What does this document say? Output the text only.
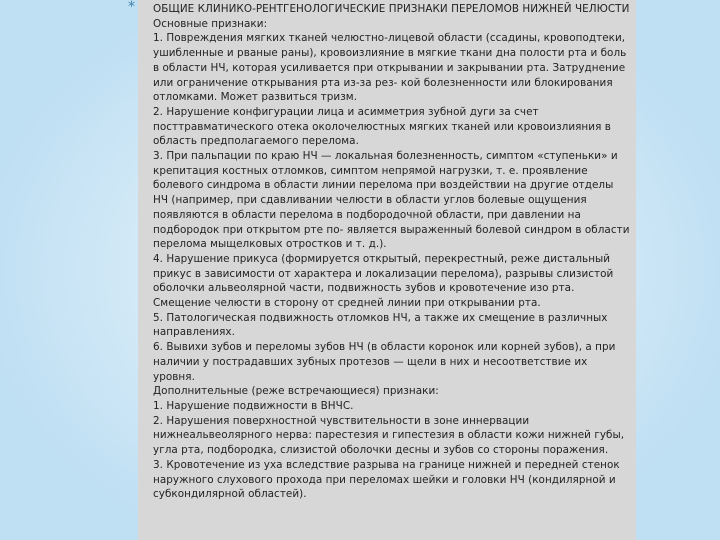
* ОБЩИЕ КЛИНИКО-РЕНТГЕНОЛОГИЧЕСКИЕ ПРИЗНАКИ ПЕРЕЛОМОВ НИЖНЕЙ ЧЕЛЮСТИ Основные признаки:

1. Повреждения мягких тканей челюстно-лицевой области (ссадины, кровоподтеки, ушибленные и рваные раны), кровоизлияние в мягкие ткани дна полости рта и боль в области НЧ, которая усиливается при открывании и закрывании рта. Затруднение или ограничение открывания рта из-за рез- кой болезненности или блокирования отломками. Может развиться тризм.

2. Нарушение конфигурации лица и асимметрия зубной дуги за счет посттравматического отека околочелюстных мягких тканей или кровоизлияния в область предполагаемого перелома.

3. При пальпации по краю НЧ — локальная болезненность, симптом «ступеньки» и крепитация костных отломков, симптом непрямой нагрузки, т. е. проявление болевого синдрома в области линии перелома при воздействии на другие отделы НЧ (например, при сдавливании челюсти в области углов болевые ощущения появляются в области перелома в подбородочной области, при давлении на подбородок при открытом рте по- является выраженный болевой синдром в области перелома мыщелковых отростков и т. д.).

4. Нарушение прикуса (формируется открытый, перекрестный, реже дистальный прикус в зависимости от характера и локализации перелома), разрывы слизистой оболочки альвеолярной части, подвижность зубов и кровотечение изо рта. Смещение челюсти в сторону от средней линии при открывании рта.

5. Патологическая подвижность отломков НЧ, а также их смещение в различных направлениях.

6. Вывихи зубов и переломы зубов НЧ (в области коронок или корней зубов), а при наличии у пострадавших зубных протезов — щели в них и несоответствие их уровня.

Дополнительные (реже встречающиеся) признаки:

1. Нарушение подвижности в ВНЧС.

2. Нарушения поверхностной чувствительности в зоне иннервации нижнеальвеолярного нерва: парестезия и гипестезия в области кожи нижней губы, угла рта, подбородка, слизистой оболочки десны и зубов со стороны поражения.

3. Кровотечение из уха вследствие разрыва на границе нижней и передней стенок наружного слухового прохода при переломах шейки и головки НЧ (кондилярной и субкондилярной областей).
